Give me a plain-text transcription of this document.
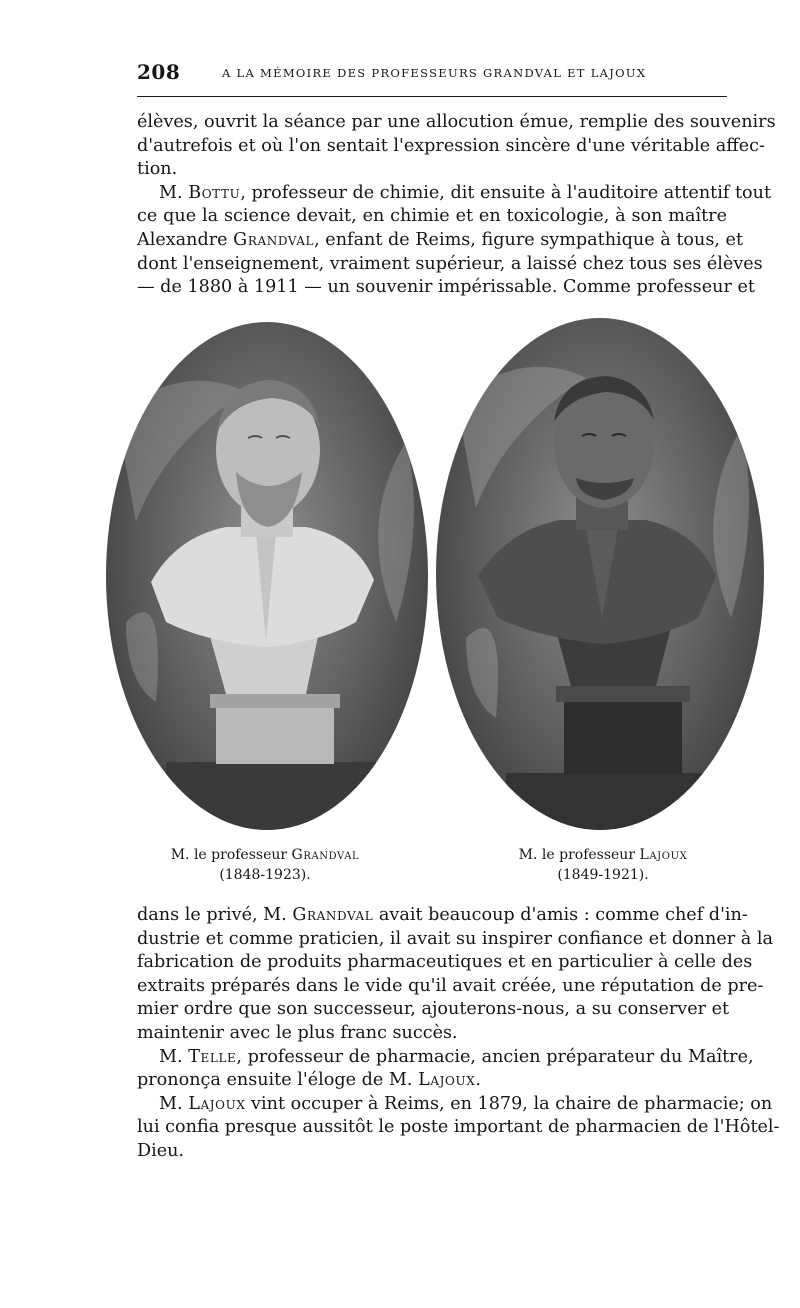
208	A LA MÉMOIRE DES PROFESSEURS GRANDVAL ET LAJOUX
élèves, ouvrit la séance par une allocution émue, remplie des souvenirs
d'autrefois et où l'on sentait l'expression sincère d'une véritable affec-
tion.
M. Bottu, professeur de chimie, dit ensuite à l'auditoire attentif tout
ce que la science devait, en chimie et en toxicologie, à son maître
Alexandre Grandval, enfant de Reims, figure sympathique à tous, et
dont l'enseignement, vraiment supérieur, a laissé chez tous ses élèves
— de 1880 à 1911 — un souvenir impérissable. Comme professeur et
M. le professeur Grandval
(1848-1923).
M. le professeur Lajoux
(1849-1921).
dans le privé, M. Grandval avait beaucoup d'amis : comme chef d'in-
dustrie et comme praticien, il avait su inspirer confiance et donner à la
fabrication de produits pharmaceutiques et en particulier à celle des
extraits préparés dans le vide qu'il avait créée, une réputation de pre-
mier ordre que son successeur, ajouterons-nous, a su conserver et
maintenir avec le plus franc succès.
M. Telle, professeur de pharmacie, ancien préparateur du Maître,
prononça ensuite l'éloge de M. Lajoux.
M. Lajoux vint occuper à Reims, en 1879, la chaire de pharmacie; on
lui confia presque aussitôt le poste important de pharmacien de l'Hôtel-
Dieu.
